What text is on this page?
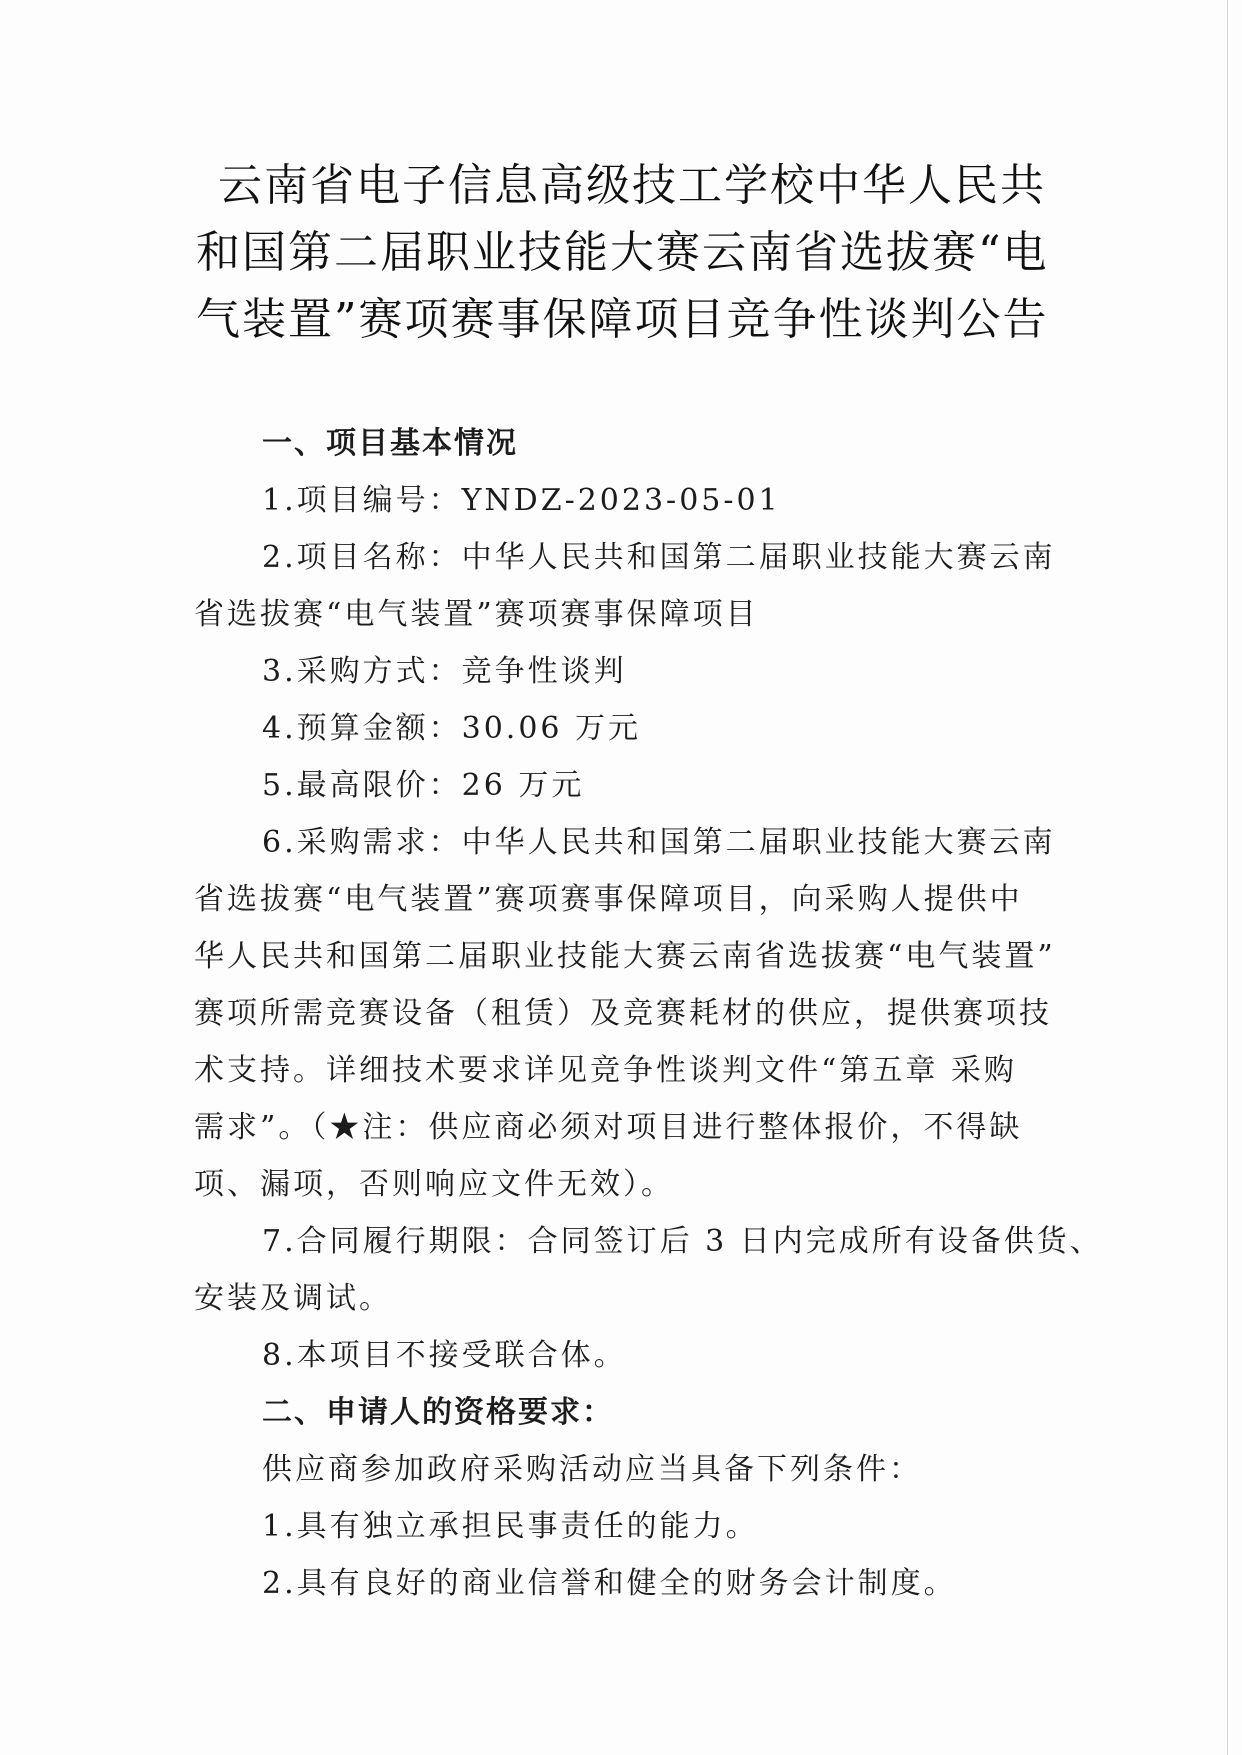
云南省电子信息高级技工学校中华人民共
和国第二届职业技能大赛云南省选拔赛“电
气装置”赛项赛事保障项目竞争性谈判公告
一、项目基本情况
1.项目编号：YNDZ-2023-05-01
2.项目名称：中华人民共和国第二届职业技能大赛云南
省选拔赛“电气装置”赛项赛事保障项目
3.采购方式：竞争性谈判
4.预算金额：30.06 万元
5.最高限价：26 万元
6.采购需求：中华人民共和国第二届职业技能大赛云南
省选拔赛“电气装置”赛项赛事保障项目，向采购人提供中
华人民共和国第二届职业技能大赛云南省选拔赛“电气装置”
赛项所需竞赛设备（租赁）及竞赛耗材的供应，提供赛项技
术支持。详细技术要求详见竞争性谈判文件“第五章 采购
需求”。（★注：供应商必须对项目进行整体报价，不得缺
项、漏项，否则响应文件无效）。
7.合同履行期限：合同签订后 3 日内完成所有设备供货、
安装及调试。
8.本项目不接受联合体。
二、申请人的资格要求：
供应商参加政府采购活动应当具备下列条件：
1.具有独立承担民事责任的能力。
2.具有良好的商业信誉和健全的财务会计制度。
